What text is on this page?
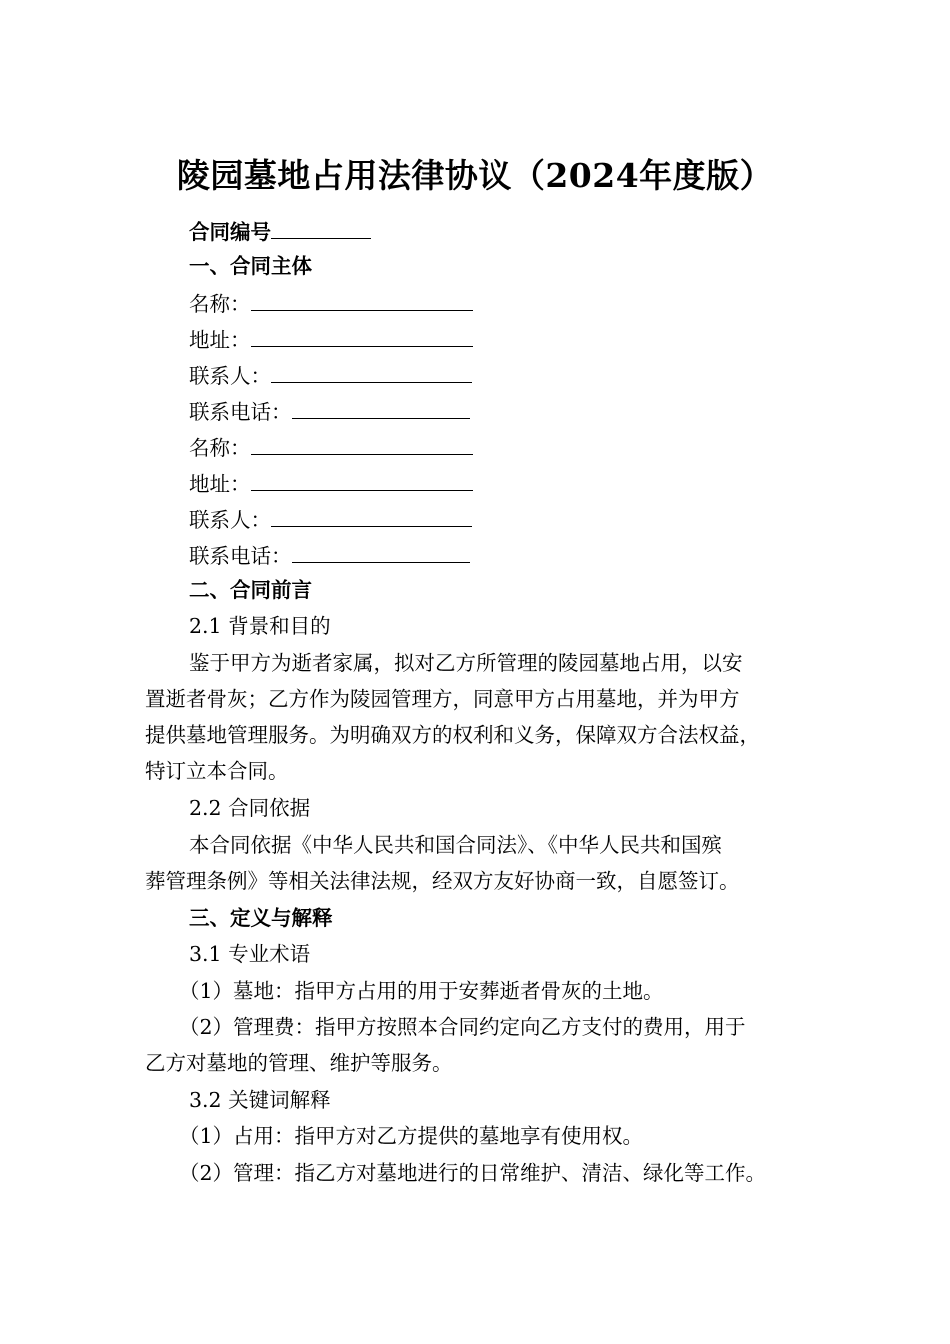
陵园墓地占用法律协议（2024年度版）
合同编号
一、合同主体
名称：
地址：
联系人：
联系电话：
名称：
地址：
联系人：
联系电话：
二、合同前言
2.1 背景和目的
鉴于甲方为逝者家属，拟对乙方所管理的陵园墓地占用，以安
置逝者骨灰；乙方作为陵园管理方，同意甲方占用墓地，并为甲方
提供墓地管理服务。为明确双方的权利和义务，保障双方合法权益，
特订立本合同。
2.2 合同依据
本合同依据《中华人民共和国合同法》、《中华人民共和国殡
葬管理条例》等相关法律法规，经双方友好协商一致，自愿签订。
三、定义与解释
3.1 专业术语
（1）墓地：指甲方占用的用于安葬逝者骨灰的土地。
（2）管理费：指甲方按照本合同约定向乙方支付的费用，用于
乙方对墓地的管理、维护等服务。
3.2 关键词解释
（1）占用：指甲方对乙方提供的墓地享有使用权。
（2）管理：指乙方对墓地进行的日常维护、清洁、绿化等工作。
